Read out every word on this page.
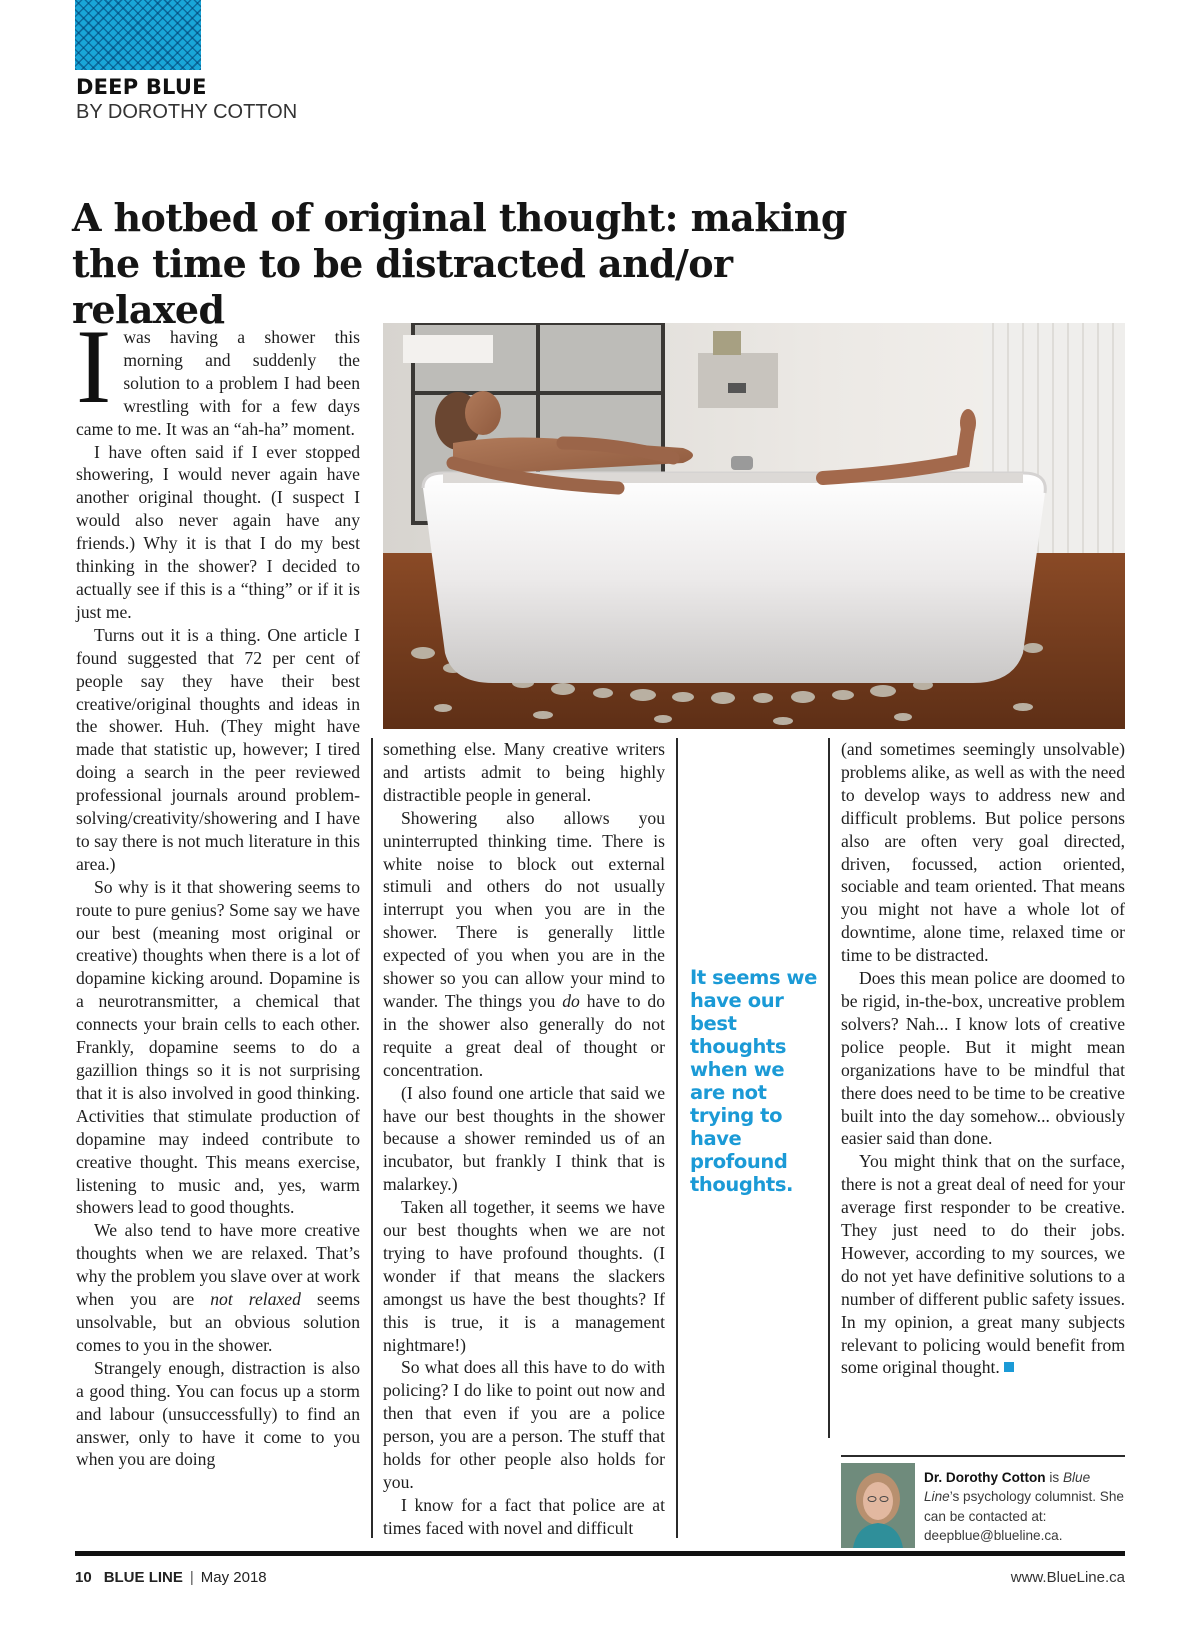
DEEP BLUE
BY DOROTHY COTTON
A hotbed of original thought: making the time to be distracted and/or relaxed

Iwas having a shower this morning and suddenly the solution to a problem I had been wrestling with for a few days came to me. It was an “ah-ha” moment.

I have often said if I ever stopped showering, I would never again have another original thought. (I suspect I would also never again have any friends.) Why it is that I do my best thinking in the shower? I decided to actually see if this is a “thing” or if it is just me.

Turns out it is a thing. One article I found suggested that 72 per cent of people say they have their best creative/original thoughts and ideas in the shower. Huh. (They might have made that statistic up, however; I tired doing a search in the peer reviewed professional journals around problem-solving/creativity/showering and I have to say there is not much literature in this area.)

So why is it that showering seems to route to pure genius? Some say we have our best (meaning most original or creative) thoughts when there is a lot of dopamine kicking around. Dopamine is a neurotransmitter, a chemical that connects your brain cells to each other. Frankly, dopamine seems to do a gazillion things so it is not surprising that it is also involved in good thinking. Activities that stimulate production of dopamine may indeed contribute to creative thought. This means exercise, listening to music and, yes, warm showers lead to good thoughts.

We also tend to have more creative thoughts when we are relaxed. That’s why the problem you slave over at work when you are not relaxed seems unsolvable, but an obvious solution comes to you in the shower.

Strangely enough, distraction is also a good thing. You can focus up a storm and labour (unsuccessfully) to find an answer, only to have it come to you when you are doing

something else. Many creative writers and artists admit to being highly distractible people in general.

Showering also allows you uninterrupted thinking time. There is white noise to block out external stimuli and others do not usually interrupt you when you are in the shower. There is generally little expected of you when you are in the shower so you can allow your mind to wander. The things you do have to do in the shower also generally do not requite a great deal of thought or concentration.

(I also found one article that said we have our best thoughts in the shower because a shower reminded us of an incubator, but frankly I think that is malarkey.)

Taken all together, it seems we have our best thoughts when we are not trying to have profound thoughts. (I wonder if that means the slackers amongst us have the best thoughts? If this is true, it is a management nightmare!)

So what does all this have to do with policing? I do like to point out now and then that even if you are a police person, you are a person. The stuff that holds for other people also holds for you.

I know for a fact that police are at times faced with novel and difficult

It seems we have our best thoughts when we are not trying to have profound thoughts.

(and sometimes seemingly unsolvable) problems alike, as well as with the need to develop ways to address new and difficult problems. But police persons also are often very goal directed, driven, focussed, action oriented, sociable and team oriented. That means you might not have a whole lot of downtime, alone time, relaxed time or time to be distracted.

Does this mean police are doomed to be rigid, in-the-box, uncreative problem solvers? Nah... I know lots of creative police people. But it might mean organizations have to be mindful that there does need to be time to be creative built into the day somehow... obviously easier said than done.

You might think that on the surface, there is not a great deal of need for your average first responder to be creative. They just need to do their jobs. However, according to my sources, we do not yet have definitive solutions to a number of different public safety issues. In my opinion, a great many subjects relevant to policing would benefit from some original thought.

Dr. Dorothy Cotton is Blue Line’s psychology columnist. She can be contacted at: deepblue@blueline.ca.
10 BLUE LINE | May 2018	www.BlueLine.ca
